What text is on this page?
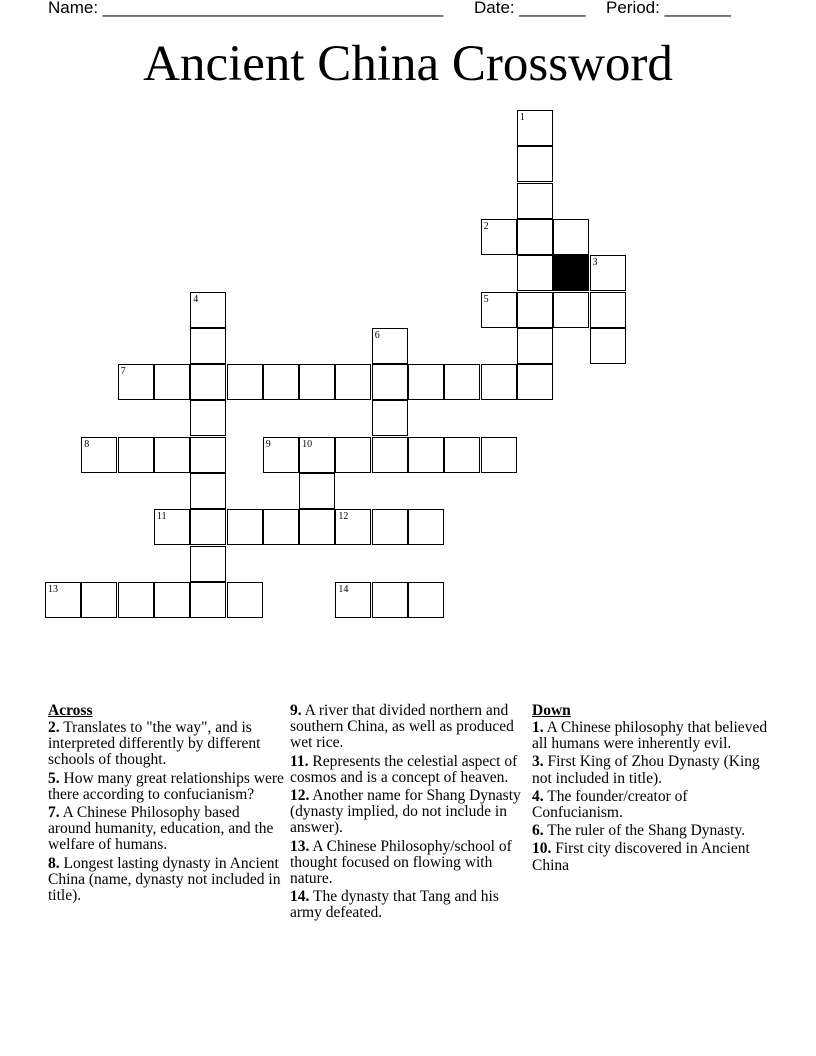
Name: ____________________________________ Date: _______ Period: _______
Ancient China Crossword
1
2
3
5
4
6
7
8	9	10
11	12
13	14
Across
2. Translates to "the way", and is interpreted differently by different schools of thought.
5. How many great relationships were there according to confucianism?
7. A Chinese Philosophy based around humanity, education, and the welfare of humans.
8. Longest lasting dynasty in Ancient China (name, dynasty not included in title).
9. A river that divided northern and southern China, as well as produced wet rice.
11. Represents the celestial aspect of cosmos and is a concept of heaven.
12. Another name for Shang Dynasty (dynasty implied, do not include in answer).
13. A Chinese Philosophy/school of thought focused on flowing with nature.
14. The dynasty that Tang and his army defeated.
Down
1. A Chinese philosophy that believed all humans were inherently evil.
3. First King of Zhou Dynasty (King not included in title).
4. The founder/creator of Confucianism.
6. The ruler of the Shang Dynasty.
10. First city discovered in Ancient China
